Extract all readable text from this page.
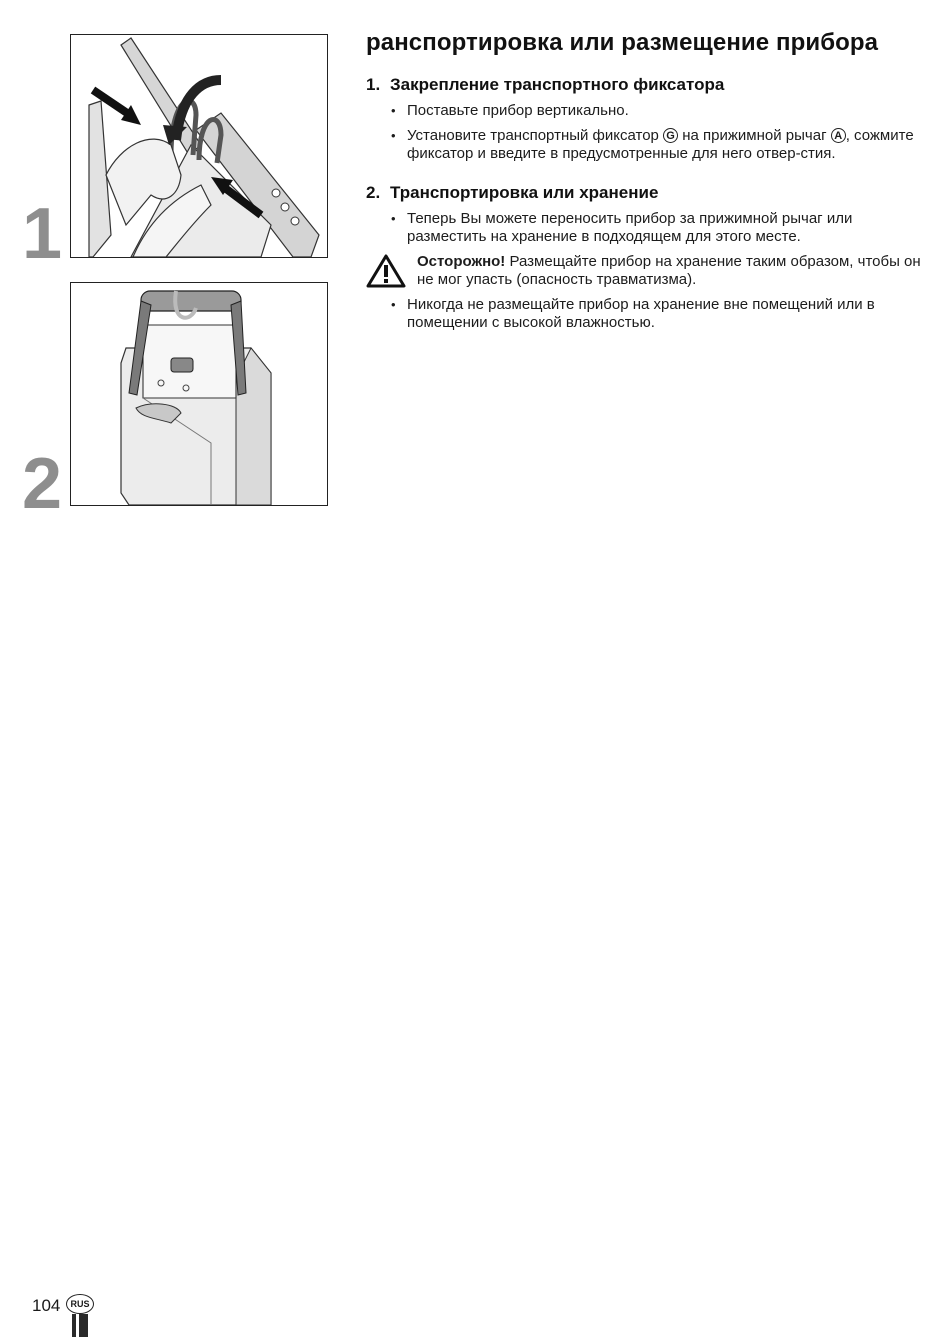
1
2
ранспортировка или размещение прибора
1. Закрепление транспортного фиксатора
• Поставьте прибор вертикально.
• Установите транспортный фиксатор G на прижимной рычаг A , сожмите фиксатор и введите в предусмотренные для него отвер-стия.
2. Транспортировка или хранение
• Теперь Вы можете переносить прибор за прижимной рычаг или разместить на хранение в подходящем для этого месте.
Осторожно! Размещайте прибор на хранение таким образом, чтобы он не мог упасть (опасность травматизма).
• Никогда не размещайте прибор на хранение вне помещений или в помещении с высокой влажностью.
104	RUS
